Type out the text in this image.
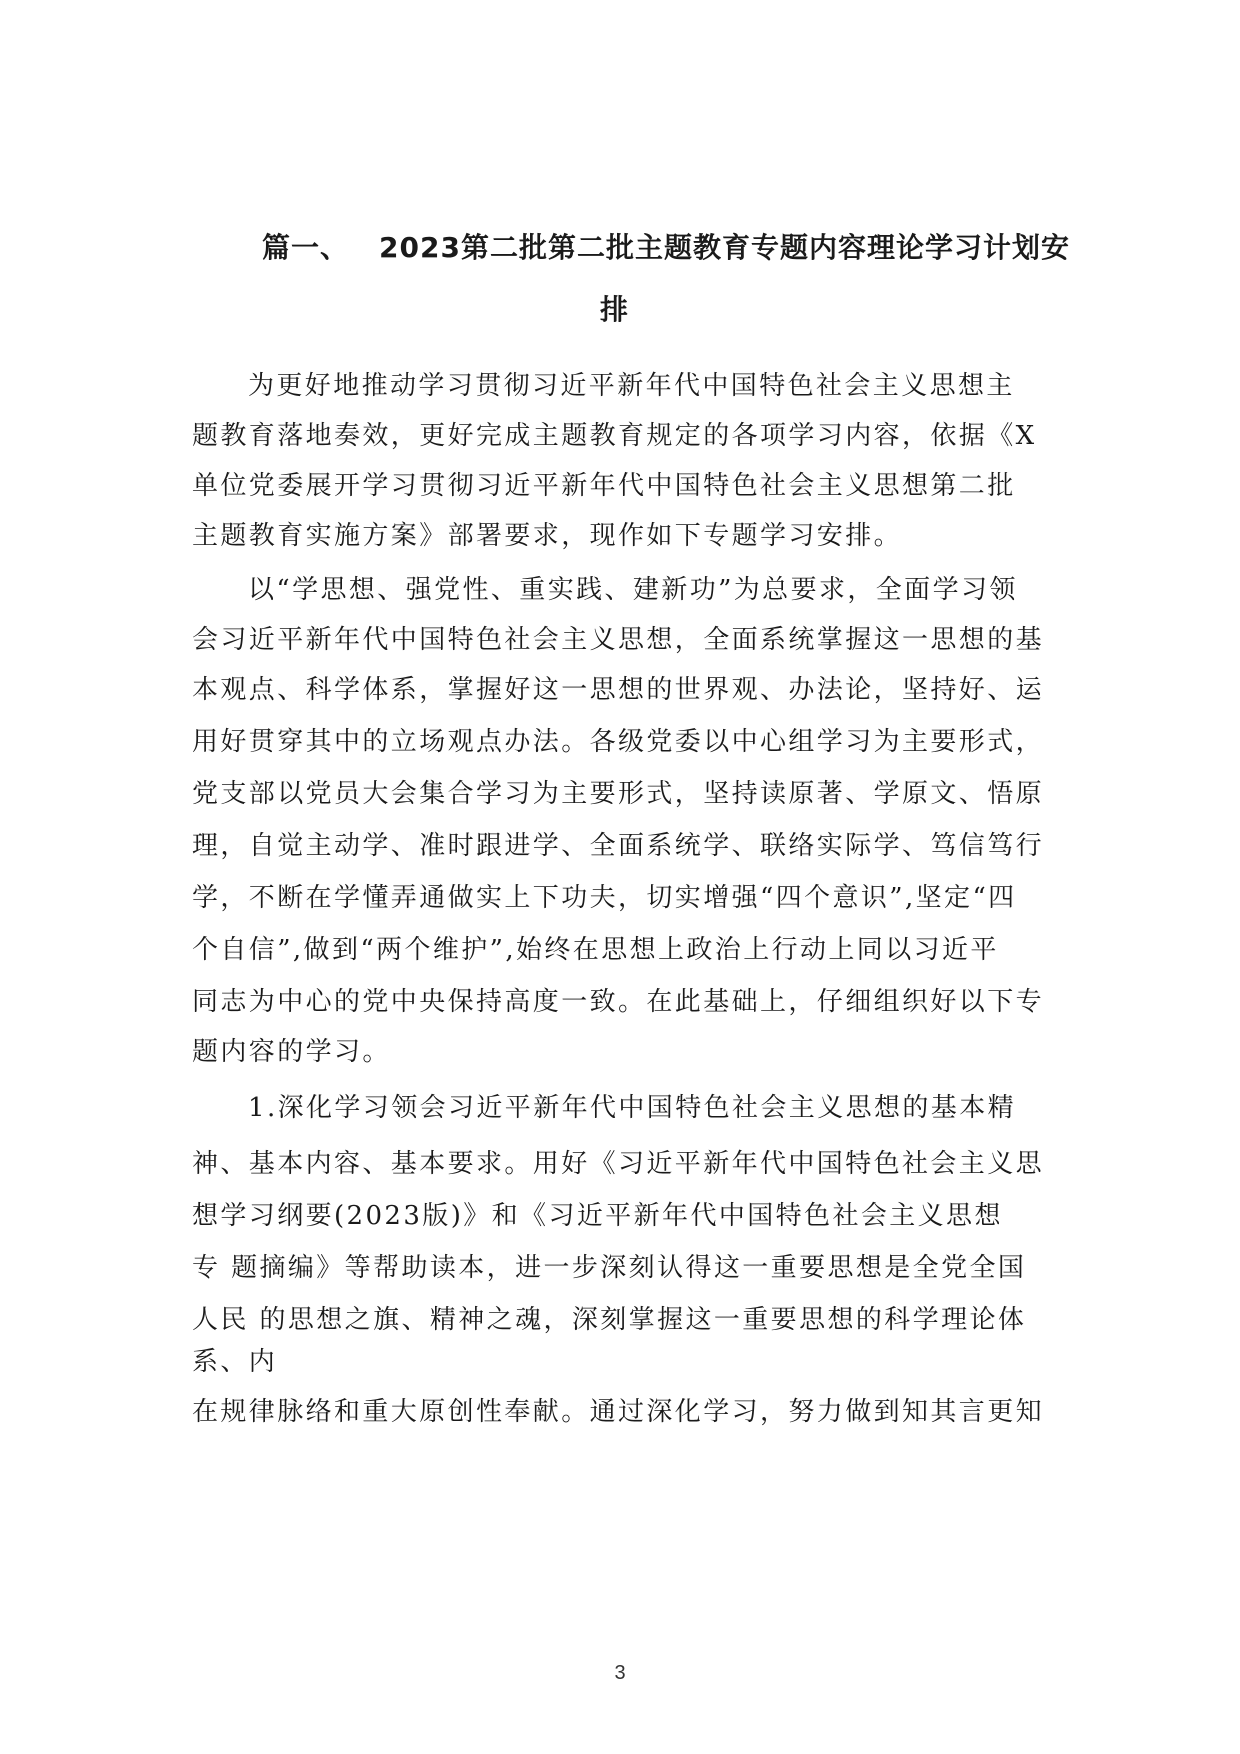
篇一、 2023第二批第二批主题教育专题内容理论学习计划安
排
为更好地推动学习贯彻习近平新年代中国特色社会主义思想主
题教育落地奏效，更好完成主题教育规定的各项学习内容，依据《X
单位党委展开学习贯彻习近平新年代中国特色社会主义思想第二批
主题教育实施方案》部署要求，现作如下专题学习安排。
以“学思想、强党性、重实践、建新功”为总要求，全面学习领
会习近平新年代中国特色社会主义思想，全面系统掌握这一思想的基
本观点、科学体系，掌握好这一思想的世界观、办法论，坚持好、运
用好贯穿其中的立场观点办法。各级党委以中心组学习为主要形式，
党支部以党员大会集合学习为主要形式，坚持读原著、学原文、悟原
理，自觉主动学、准时跟进学、全面系统学、联络实际学、笃信笃行
学，不断在学懂弄通做实上下功夫，切实增强“四个意识”,坚定“四
个自信”,做到“两个维护”,始终在思想上政治上行动上同以习近平
同志为中心的党中央保持高度一致。在此基础上，仔细组织好以下专
题内容的学习。
1.深化学习领会习近平新年代中国特色社会主义思想的基本精
神、基本内容、基本要求。用好《习近平新年代中国特色社会主义思
想学习纲要(2023版)》和《习近平新年代中国特色社会主义思想
专 题摘编》等帮助读本，进一步深刻认得这一重要思想是全党全国
人民 的思想之旗、精神之魂，深刻掌握这一重要思想的科学理论体
系、内
在规律脉络和重大原创性奉献。通过深化学习，努力做到知其言更知
3
